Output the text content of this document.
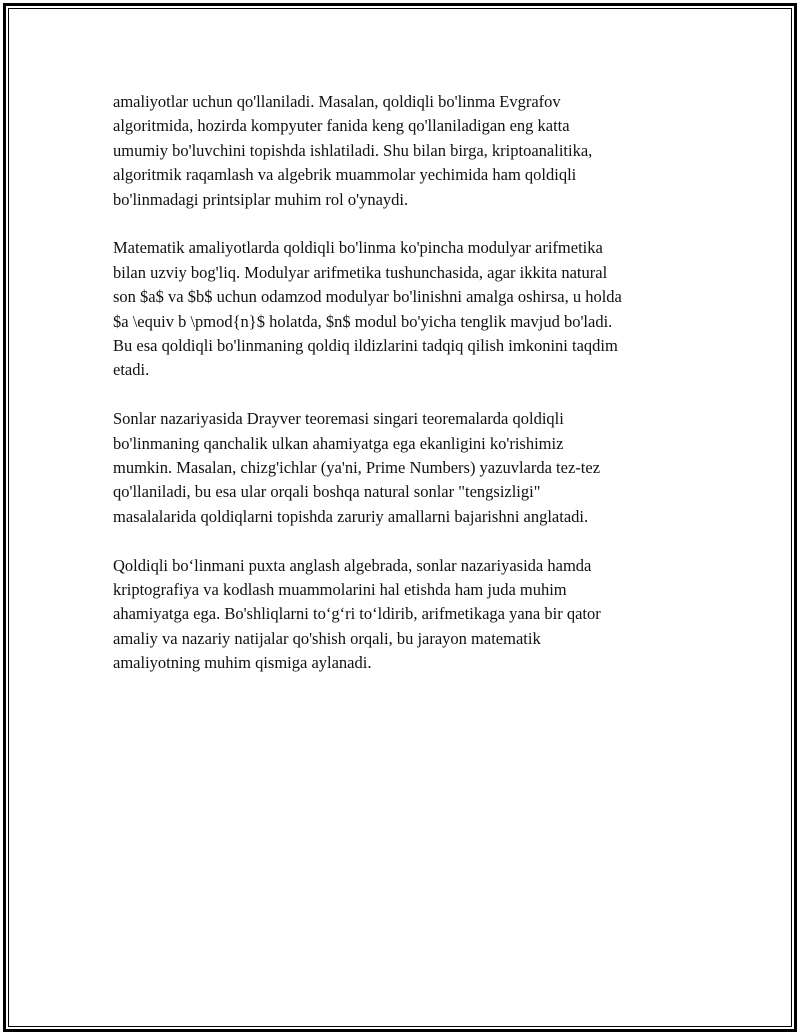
amaliyotlar uchun qo'llaniladi. Masalan, qoldiqli bo'linma Evgrafov
algoritmida, hozirda kompyuter fanida keng qo'llaniladigan eng katta
umumiy bo'luvchini topishda ishlatiladi. Shu bilan birga, kriptoanalitika,
algoritmik raqamlash va algebrik muammolar yechimida ham qoldiqli
bo'linmadagi printsiplar muhim rol o'ynaydi.

Matematik amaliyotlarda qoldiqli bo'linma ko'pincha modulyar arifmetika
bilan uzviy bog'liq. Modulyar arifmetika tushunchasida, agar ikkita natural
son $a$ va $b$ uchun odamzod modulyar bo'linishni amalga oshirsa, u holda
$a \equiv b \pmod{n}$ holatda, $n$ modul bo'yicha tenglik mavjud bo'ladi.
Bu esa qoldiqli bo'linmaning qoldiq ildizlarini tadqiq qilish imkonini taqdim
etadi.

Sonlar nazariyasida Drayver teoremasi singari teoremalarda qoldiqli
bo'linmaning qanchalik ulkan ahamiyatga ega ekanligini ko'rishimiz
mumkin. Masalan, chizg'ichlar (ya'ni, Prime Numbers) yazuvlarda tez-tez
qo'llaniladi, bu esa ular orqali boshqa natural sonlar "tengsizligi"
masalalarida qoldiqlarni topishda zaruriy amallarni bajarishni anglatadi.

Qoldiqli boʻlinmani puxta anglash algebrada, sonlar nazariyasida hamda
kriptografiya va kodlash muammolarini hal etishda ham juda muhim
ahamiyatga ega. Bo'shliqlarni toʻgʻri toʻldirib, arifmetikaga yana bir qator
amaliy va nazariy natijalar qo'shish orqali, bu jarayon matematik
amaliyotning muhim qismiga aylanadi.
